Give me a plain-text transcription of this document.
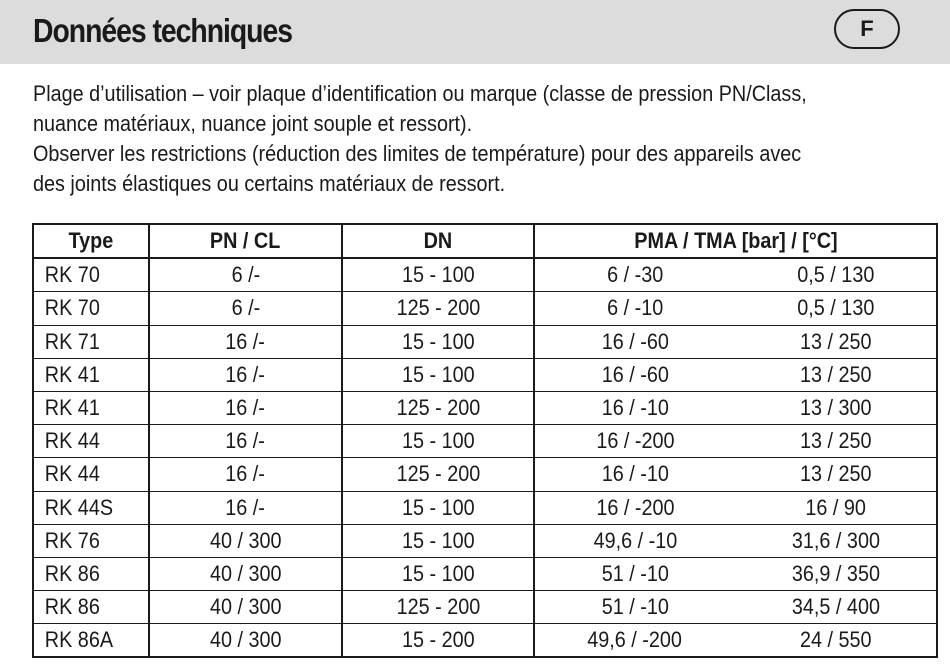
Données techniques	F

Plage d’utilisation – voir plaque d’identification ou marque (classe de pression PN/Class,

nuance matériaux, nuance joint souple et ressort).

Observer les restrictions (réduction des limites de température) pour des appareils avec

des joints élastiques ou certains matériaux de ressort.

Type	PN / CL	DN	PMA / TMA [bar] / [°C]	
RK 70	6 /-	15 - 100	6 / -30	0,5 / 130
RK 70	6 /-	125 - 200	6 / -10	0,5 / 130
RK 71	16 /-	15 - 100	16 / -60	13 / 250
RK 41	16 /-	15 - 100	16 / -60	13 / 250
RK 41	16 /-	125 - 200	16 / -10	13 / 300
RK 44	16 /-	15 - 100	16 / -200	13 / 250
RK 44	16 /-	125 - 200	16 / -10	13 / 250
RK 44S	16 /-	15 - 100	16 / -200	16 / 90
RK 76	40 / 300	15 - 100	49,6 / -10	31,6 / 300
RK 86	40 / 300	15 - 100	51 / -10	36,9 / 350
RK 86	40 / 300	125 - 200	51 / -10	34,5 / 400
RK 86A	40 / 300	15 - 200	49,6 / -200	24 / 550
